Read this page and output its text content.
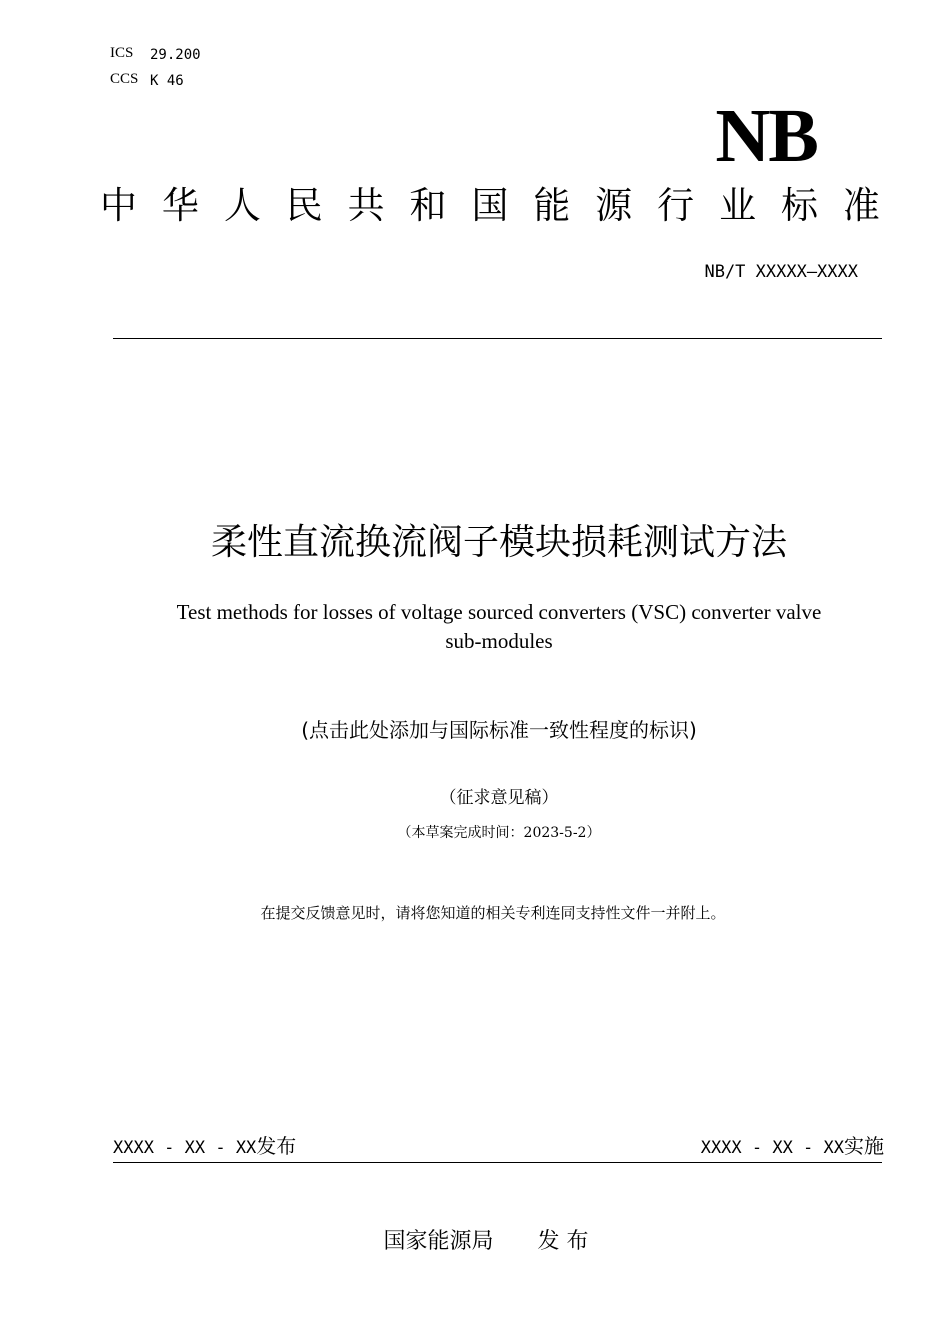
ICS 29.200
CCS K 46
NB
中 华 人 民 共 和 国 能 源 行 业 标 准
NB/T XXXXX—XXXX
柔性直流换流阀子模块损耗测试方法
Test methods for losses of voltage sourced converters (VSC) converter valve
sub-modules
(点击此处添加与国际标准一致性程度的标识)
（征求意见稿）
（本草案完成时间：2023-5-2）
在提交反馈意见时，请将您知道的相关专利连同支持性文件一并附上。
XXXX - XX - XX发布	XXXX - XX - XX实施
国家能源局 发 布
